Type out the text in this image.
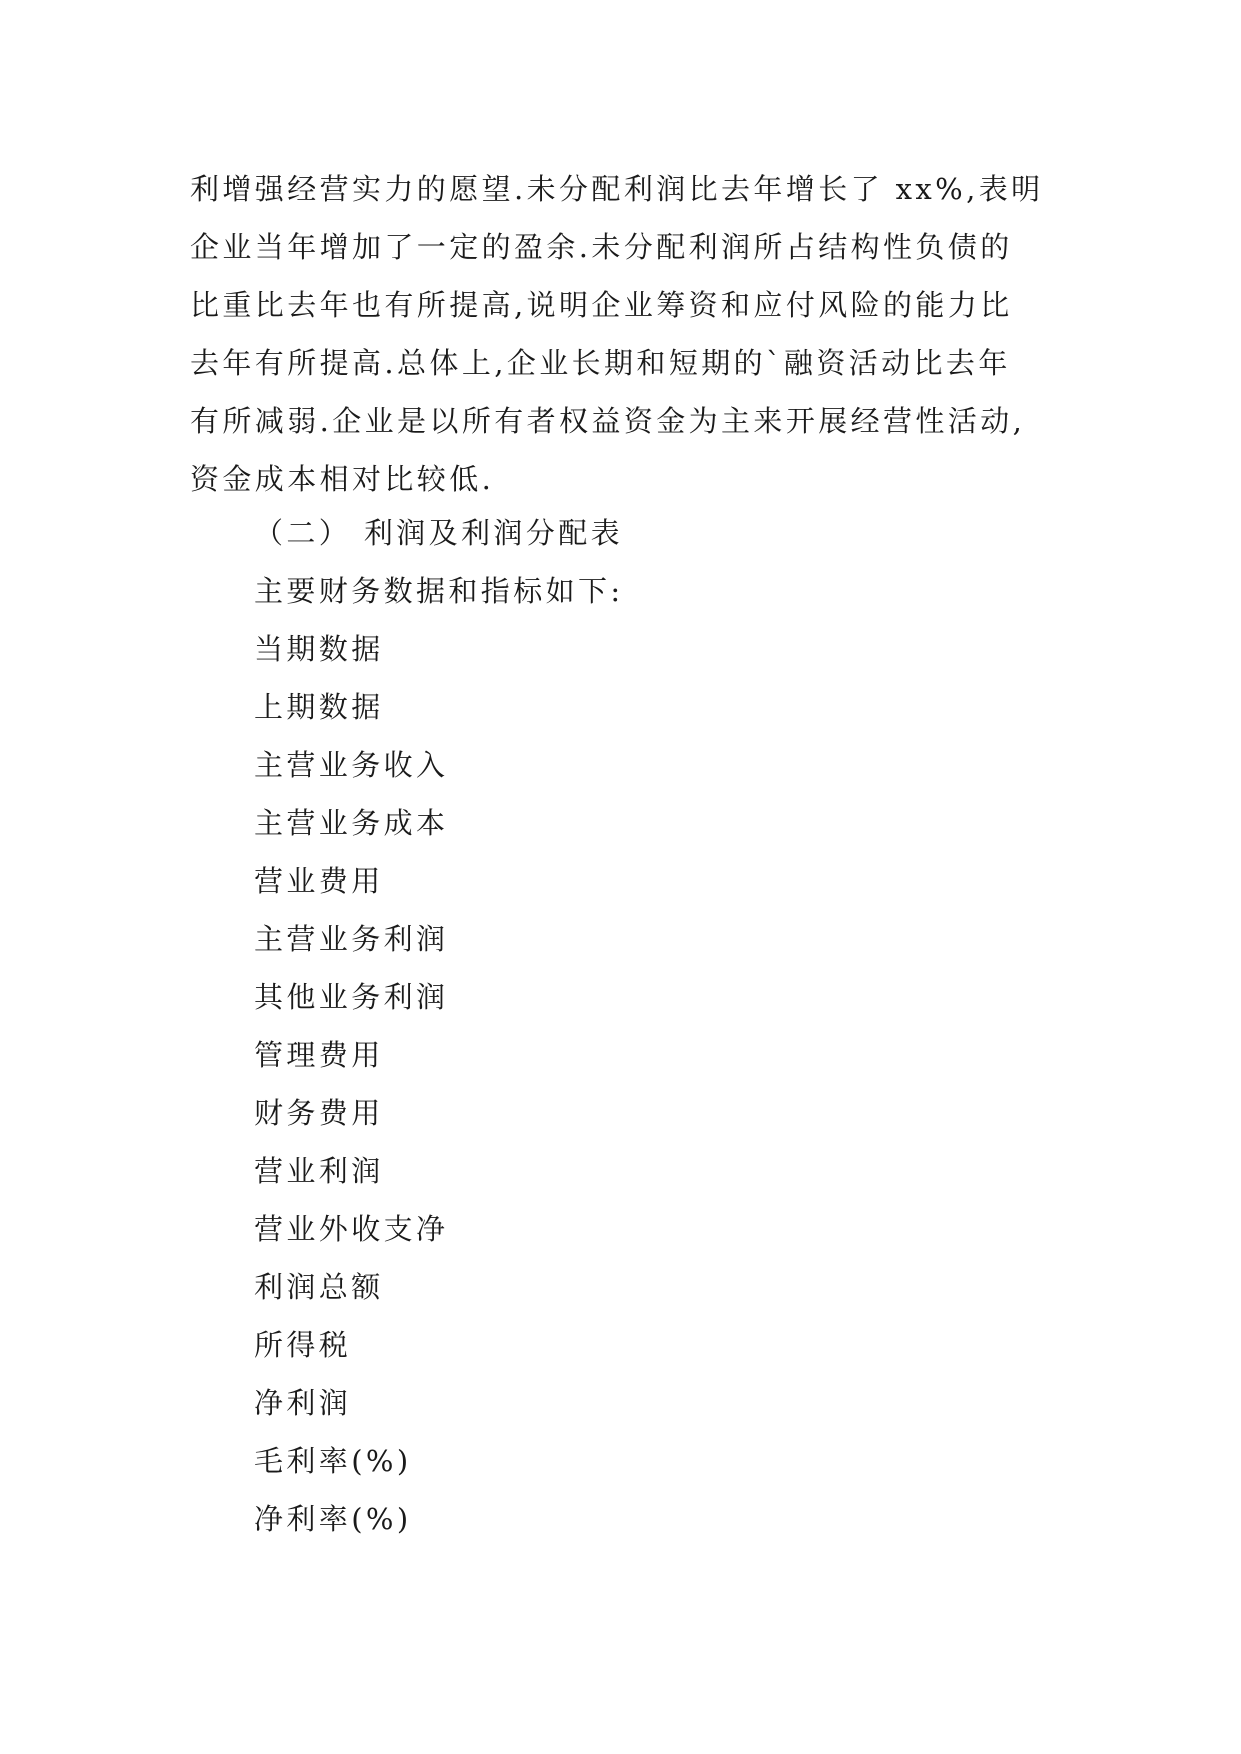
利增强经营实力的愿望.未分配利润比去年增长了 xx%,表明
企业当年增加了一定的盈余.未分配利润所占结构性负债的
比重比去年也有所提高,说明企业筹资和应付风险的能力比
去年有所提高.总体上,企业长期和短期的`融资活动比去年
有所减弱.企业是以所有者权益资金为主来开展经营性活动,
资金成本相对比较低.
（二） 利润及利润分配表
主要财务数据和指标如下:
当期数据
上期数据
主营业务收入
主营业务成本
营业费用
主营业务利润
其他业务利润
管理费用
财务费用
营业利润
营业外收支净
利润总额
所得税
净利润
毛利率(%)
净利率(%)
